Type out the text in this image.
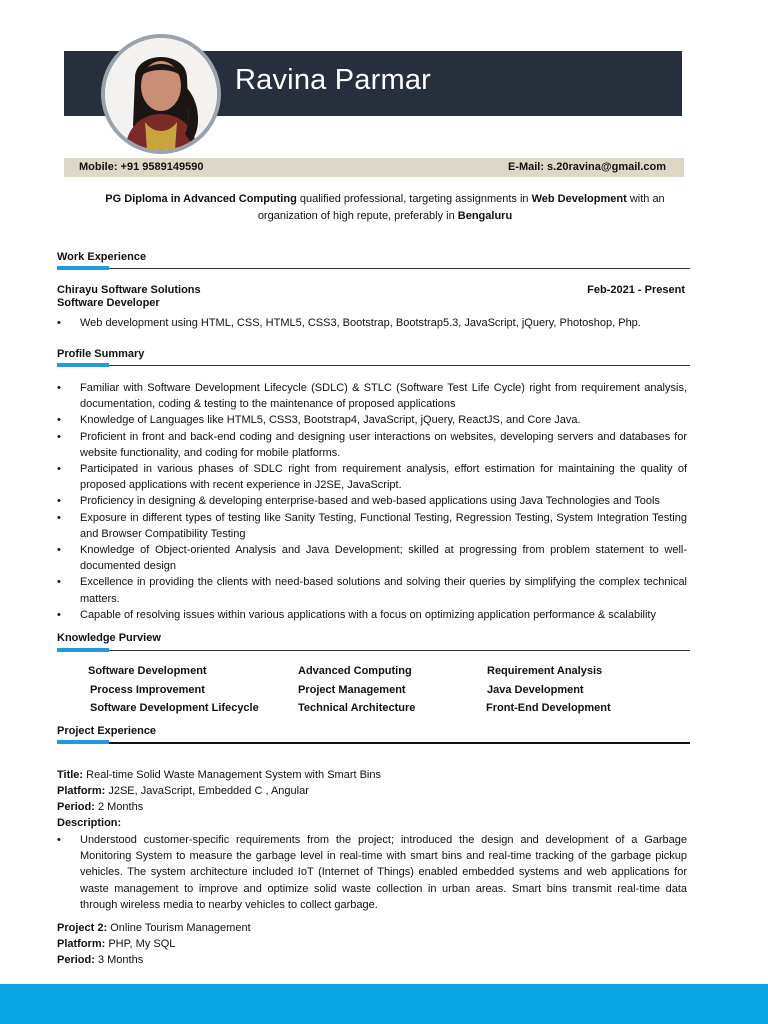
Ravina Parmar
Software Developer
Mobile: +91 9589149590	E-Mail: s.20ravina@gmail.com
PG Diploma in Advanced Computing qualified professional, targeting assignments in Web Development with an organization of high repute, preferably in Bengaluru
Work Experience
Chirayu Software Solutions	Feb-2021 - Present
Software Developer
• Web development using HTML, CSS, HTML5, CSS3, Bootstrap, Bootstrap5.3, JavaScript, jQuery, Photoshop, Php.
Profile Summary
• Familiar with Software Development Lifecycle (SDLC) & STLC (Software Test Life Cycle) right from requirement analysis, documentation, coding & testing to the maintenance of proposed applications
• Knowledge of Languages like HTML5, CSS3, Bootstrap4, JavaScript, jQuery, ReactJS, and Core Java.
• Proficient in front and back-end coding and designing user interactions on websites, developing servers and databases for website functionality, and coding for mobile platforms.
• Participated in various phases of SDLC right from requirement analysis, effort estimation for maintaining the quality of proposed applications with recent experience in J2SE, JavaScript.
• Proficiency in designing & developing enterprise-based and web-based applications using Java Technologies and Tools
• Exposure in different types of testing like Sanity Testing, Functional Testing, Regression Testing, System Integration Testing and Browser Compatibility Testing
• Knowledge of Object-oriented Analysis and Java Development; skilled at progressing from problem statement to well-documented design
• Excellence in providing the clients with need-based solutions and solving their queries by simplifying the complex technical matters.
• Capable of resolving issues within various applications with a focus on optimizing application performance & scalability
Knowledge Purview
Software Development	Advanced Computing	Requirement Analysis
Process Improvement	Project Management	Java Development
Software Development Lifecycle	Technical Architecture	Front-End Development
Project Experience
Title: Real-time Solid Waste Management System with Smart Bins
Platform: J2SE, JavaScript, Embedded C , Angular
Period: 2 Months
Description:
• Understood customer-specific requirements from the project; introduced the design and development of a Garbage Monitoring System to measure the garbage level in real-time with smart bins and real-time tracking of the garbage pickup vehicles. The system architecture included IoT (Internet of Things) enabled embedded systems and web applications for waste management to improve and optimize solid waste collection in urban areas. Smart bins transmit real-time data through wireless media to nearby vehicles to collect garbage.
Project 2: Online Tourism Management
Platform: PHP, My SQL
Period: 3 Months
